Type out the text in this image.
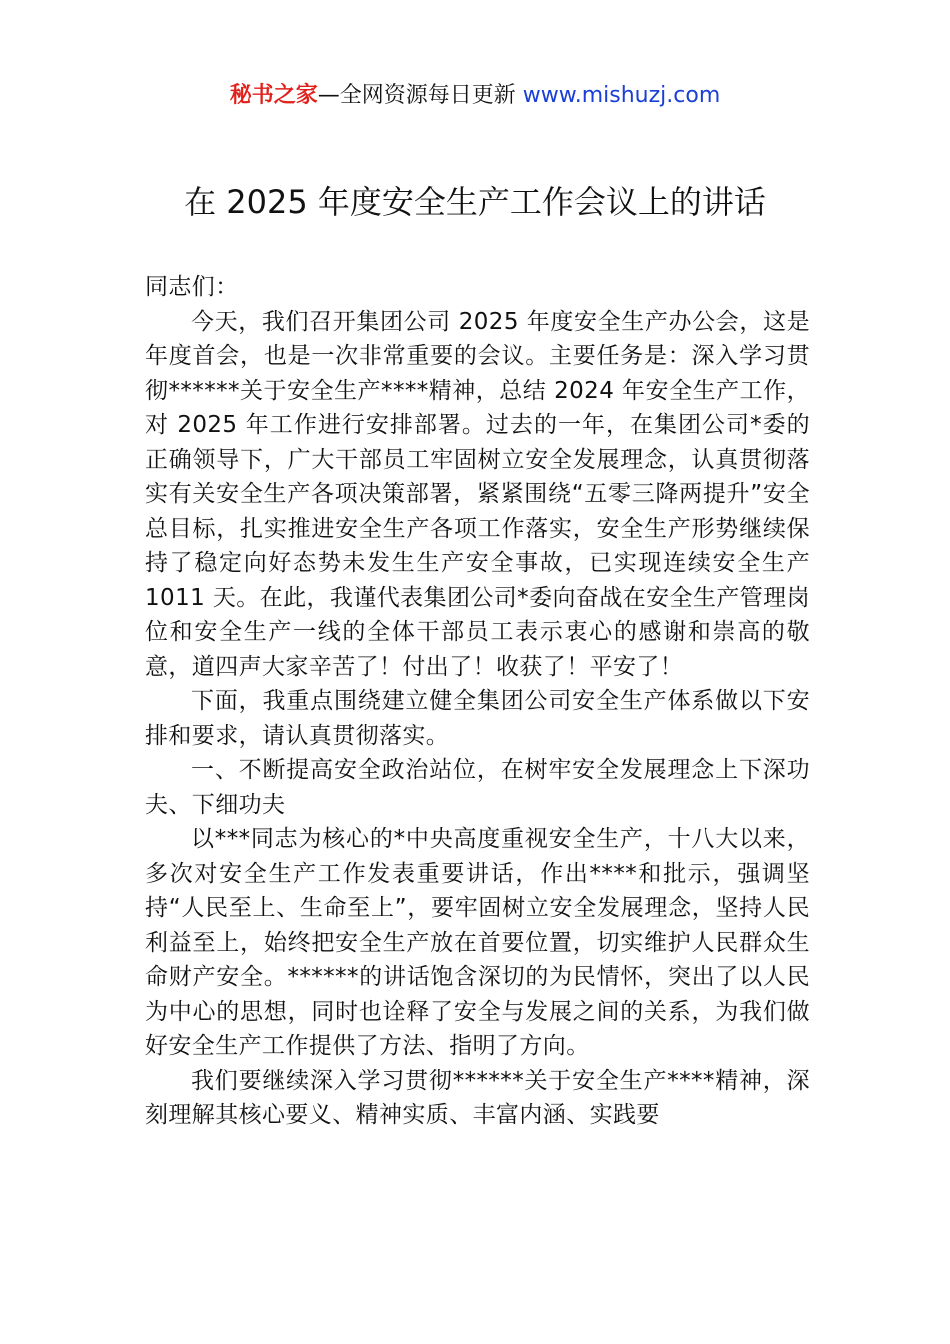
秘书之家—全网资源每日更新 www.mishuzj.com
在 2025 年度安全生产工作会议上的讲话

同志们：

今天，我们召开集团公司 2025 年度安全生产办公会，这是年度首会，也是一次非常重要的会议。主要任务是：深入学习贯彻******关于安全生产****精神，总结 2024 年安全生产工作，对 2025 年工作进行安排部署。过去的一年，在集团公司*委的正确领导下，广大干部员工牢固树立安全发展理念，认真贯彻落实有关安全生产各项决策部署，紧紧围绕“五零三降两提升”安全总目标，扎实推进安全生产各项工作落实，安全生产形势继续保持了稳定向好态势未发生生产安全事故，已实现连续安全生产 1011 天。在此，我谨代表集团公司*委向奋战在安全生产管理岗位和安全生产一线的全体干部员工表示衷心的感谢和崇高的敬意，道四声大家辛苦了！付出了！收获了！平安了！

下面，我重点围绕建立健全集团公司安全生产体系做以下安排和要求，请认真贯彻落实。

一、不断提高安全政治站位，在树牢安全发展理念上下深功夫、下细功夫

以***同志为核心的*中央高度重视安全生产，十八大以来，多次对安全生产工作发表重要讲话，作出****和批示，强调坚持“人民至上、生命至上”，要牢固树立安全发展理念，坚持人民利益至上，始终把安全生产放在首要位置，切实维护人民群众生命财产安全。******的讲话饱含深切的为民情怀，突出了以人民为中心的思想，同时也诠释了安全与发展之间的关系，为我们做好安全生产工作提供了方法、指明了方向。

我们要继续深入学习贯彻******关于安全生产****精神，深刻理解其核心要义、精神实质、丰富内涵、实践要
